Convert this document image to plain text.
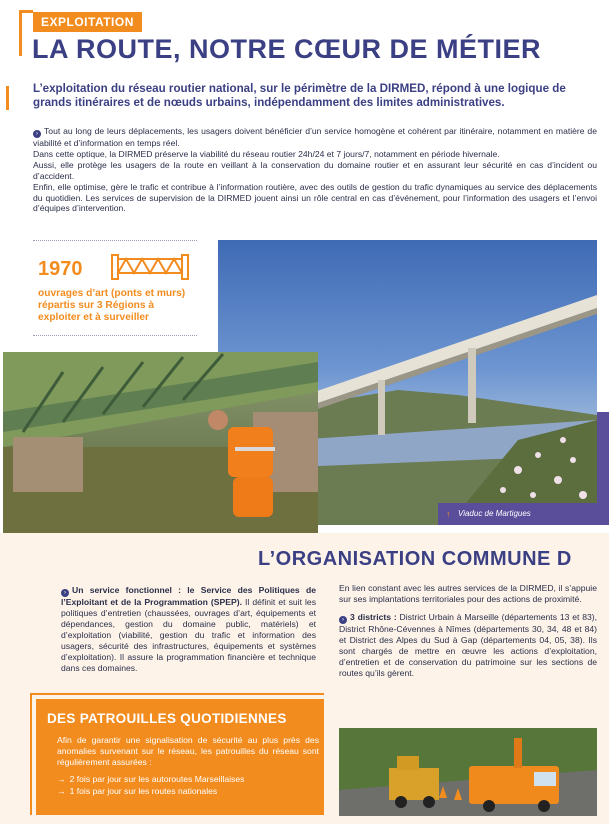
EXPLOITATION
LA ROUTE, NOTRE CŒUR DE MÉTIER

L’exploitation du réseau routier national, sur le périmètre de la DIRMED, répond à une logique de grands itinéraires et de nœuds urbains, indépendamment des limites administratives.

› Tout au long de leurs déplacements, les usagers doivent bénéficier d’un service homogène et cohérent par itinéraire, notamment en matière de viabilité et d’information en temps réel.

Dans cette optique, la DIRMED préserve la viabilité du réseau routier 24h/24 et 7 jours/7, notamment en période hivernale.

Aussi, elle protège les usagers de la route en veillant à la conservation du domaine routier et en assurant leur sécurité en cas d’incident ou d’accident.

Enfin, elle optimise, gère le trafic et contribue à l’information routière, avec des outils de gestion du trafic dynamiques au service des déplacements du quotidien. Les services de supervision de la DIRMED jouent ainsi un rôle central en cas d’événement, pour l’information des usagers et l’envoi d’équipes d’intervention.

1970
ouvrages d’art (ponts et murs) répartis sur 3 Régions à exploiter et à surveiller
↑ Viaduc de Martigues
L’ORGANISATION COMMUNE D
› Un service fonctionnel : le Service des Politiques de l’Exploitant et de la Programmation (SPEP). Il définit et suit les politiques d’entretien (chaussées, ouvrages d’art, équipements et dépendances, gestion du domaine public, matériels) et d’exploitation (viabilité, gestion du trafic et information des usagers, sécurité des infrastructures, équipements et systèmes d’exploitation). Il assure la programmation financière et technique dans ces domaines.

En lien constant avec les autres services de la DIRMED, il s’appuie sur ses implantations territoriales pour des actions de proximité.

› 3 districts : District Urbain à Marseille (départements 13 et 83), District Rhône-Cévennes à Nîmes (départements 30, 34, 48 et 84) et District des Alpes du Sud à Gap (départements 04, 05, 38). Ils sont chargés de mettre en œuvre les actions d’exploitation, d’entretien et de conservation du patrimoine sur les sections de routes qu’ils gèrent.

DES PATROUILLES QUOTIDIENNES

Afin de garantir une signalisation de sécurité au plus près des anomalies survenant sur le réseau, les patrouilles du réseau sont régulièrement assurées :

→ 2 fois par jour sur les autoroutes Marseillaises
→ 1 fois par jour sur les routes nationales
